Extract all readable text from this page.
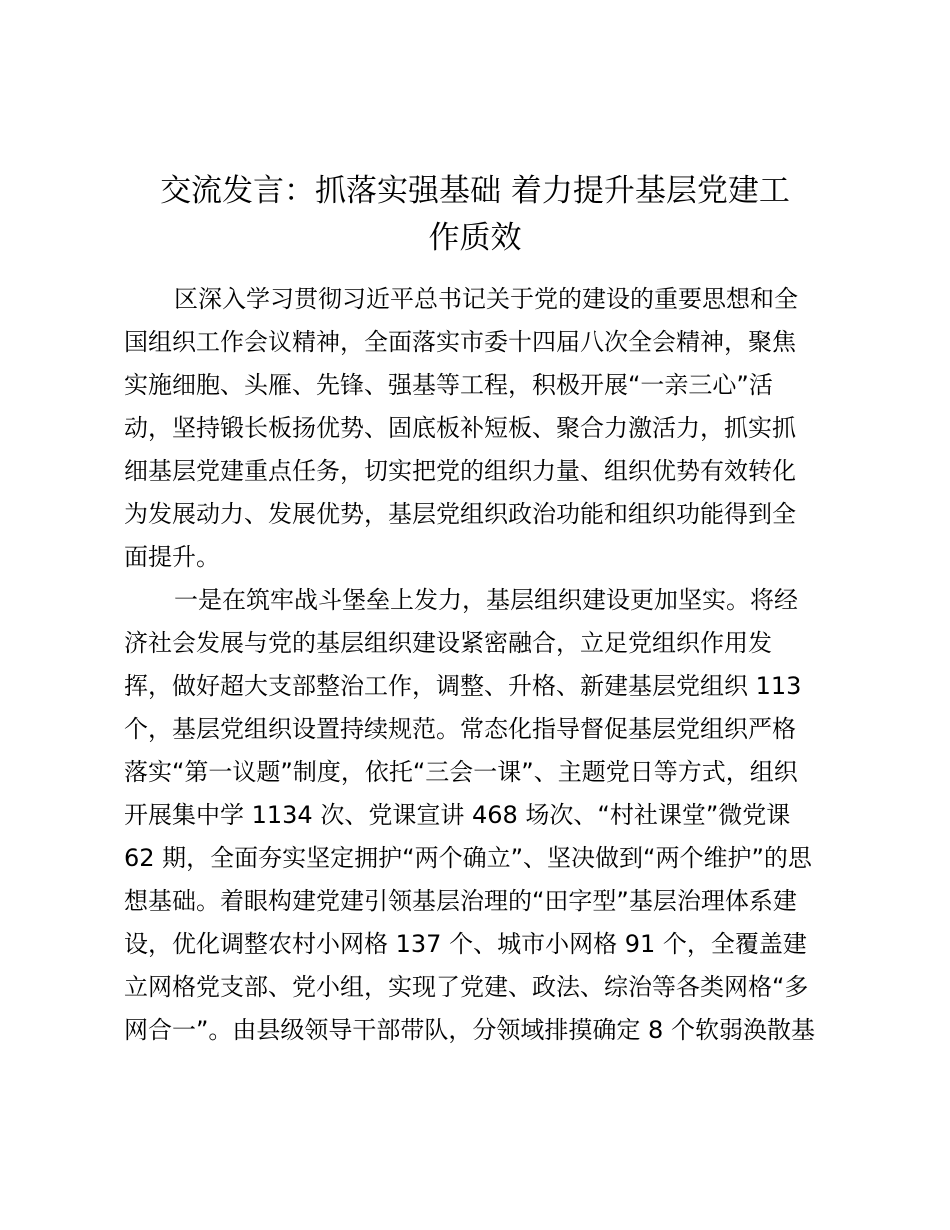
交流发言：抓落实强基础 着力提升基层党建工
作质效
区深入学习贯彻习近平总书记关于党的建设的重要思想和全
国组织工作会议精神，全面落实市委十四届八次全会精神，聚焦
实施细胞、头雁、先锋、强基等工程，积极开展“一亲三心”活
动，坚持锻长板扬优势、固底板补短板、聚合力激活力，抓实抓
细基层党建重点任务，切实把党的组织力量、组织优势有效转化
为发展动力、发展优势，基层党组织政治功能和组织功能得到全
面提升。
一是在筑牢战斗堡垒上发力，基层组织建设更加坚实。将经
济社会发展与党的基层组织建设紧密融合，立足党组织作用发
挥，做好超大支部整治工作，调整、升格、新建基层党组织 113
个，基层党组织设置持续规范。常态化指导督促基层党组织严格
落实“第一议题”制度，依托“三会一课”、主题党日等方式，组织
开展集中学 1134 次、党课宣讲 468 场次、“村社课堂”微党课
62 期，全面夯实坚定拥护“两个确立”、坚决做到“两个维护”的思
想基础。着眼构建党建引领基层治理的“田字型”基层治理体系建
设，优化调整农村小网格 137 个、城市小网格 91 个，全覆盖建
立网格党支部、党小组，实现了党建、政法、综治等各类网格“多
网合一”。由县级领导干部带队，分领域排摸确定 8 个软弱涣散基
